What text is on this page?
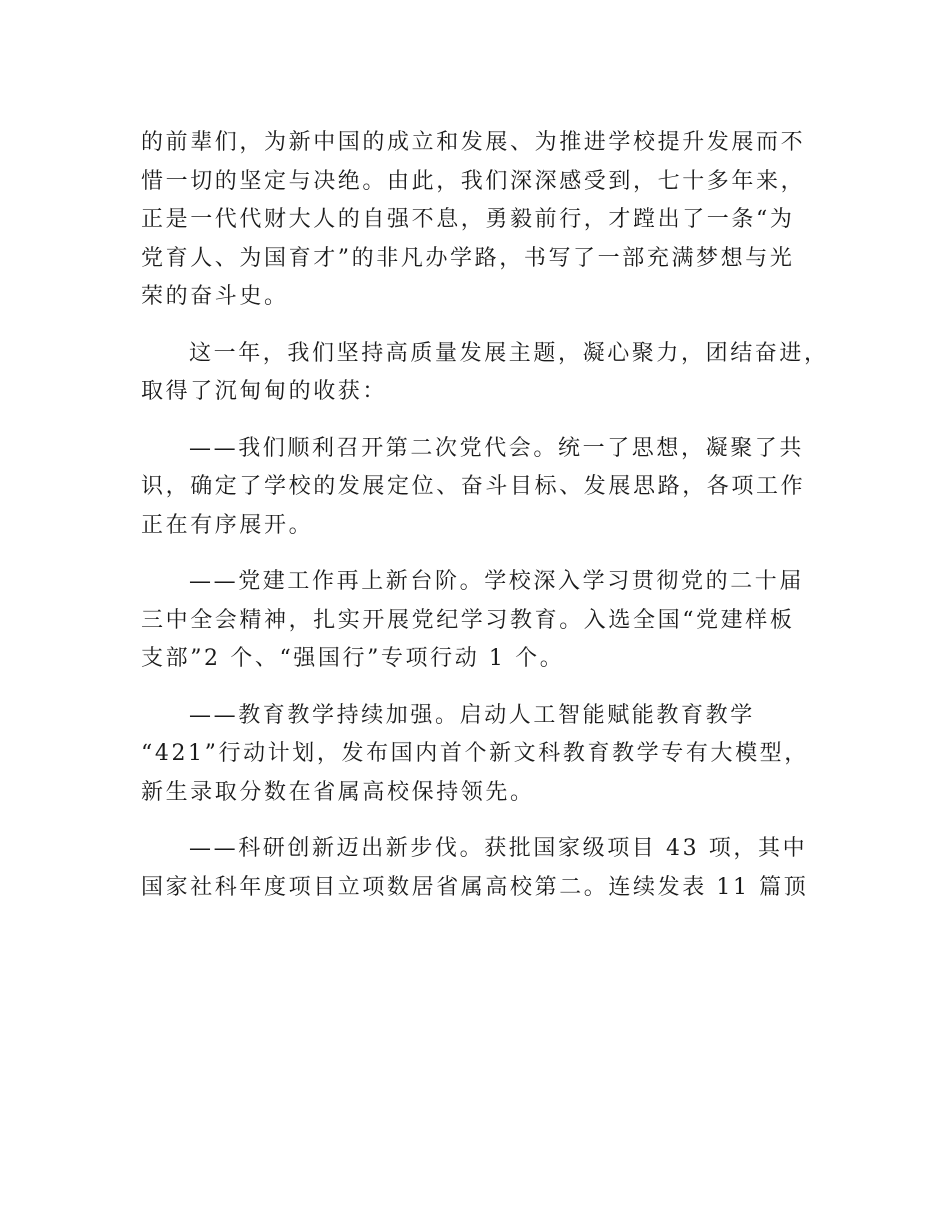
的前辈们，为新中国的成立和发展、为推进学校提升发展而不
惜一切的坚定与决绝。由此，我们深深感受到，七十多年来，
正是一代代财大人的自强不息，勇毅前行，才蹚出了一条“为
党育人、为国育才”的非凡办学路，书写了一部充满梦想与光
荣的奋斗史。
这一年，我们坚持高质量发展主题，凝心聚力，团结奋进，
取得了沉甸甸的收获：
——我们顺利召开第二次党代会。统一了思想，凝聚了共
识，确定了学校的发展定位、奋斗目标、发展思路，各项工作
正在有序展开。
——党建工作再上新台阶。学校深入学习贯彻党的二十届
三中全会精神，扎实开展党纪学习教育。入选全国“党建样板
支部”2 个、“强国行”专项行动 1 个。
——教育教学持续加强。启动人工智能赋能教育教学
“421”行动计划，发布国内首个新文科教育教学专有大模型，
新生录取分数在省属高校保持领先。
——科研创新迈出新步伐。获批国家级项目 43 项，其中
国家社科年度项目立项数居省属高校第二。连续发表 11 篇顶
